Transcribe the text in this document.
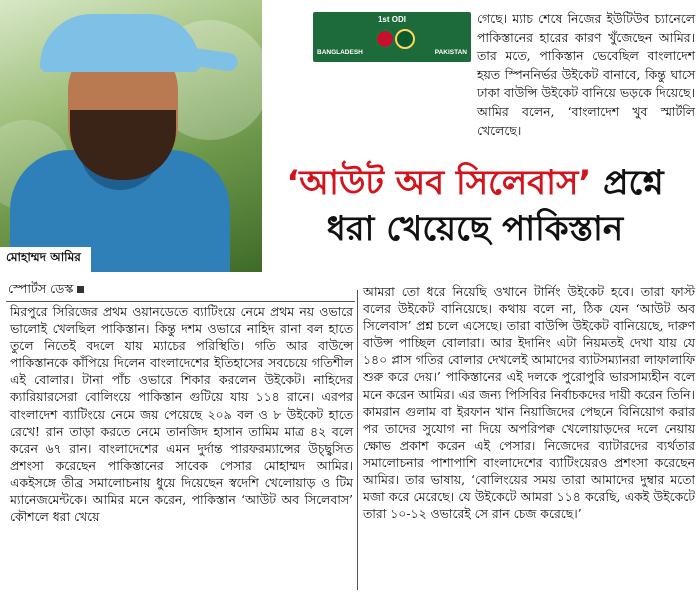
মোহাম্মদ আমির
1st ODI
BANGLADESH	PAKISTAN
গেছে। ম্যাচ শেষে নিজের ইউটিউব চ্যানেলে পাকিস্তানের হারের কারণ খুঁজেছেন আমির। তার মতে, পাকিস্তান ভেবেছিল বাংলাদেশ হয়ত স্পিননির্ভর উইকেট বানাবে, কিন্তু ঘাসে ঢাকা বাউন্সি উইকেট বানিয়ে ভড়কে দিয়েছে। আমির বলেন, ‘বাংলাদেশ খুব স্মার্টলি খেলেছে।
‘আউট অব সিলেবাস’ প্রশ্নে
ধরা খেয়েছে পাকিস্তান
স্পোর্টস ডেস্ক

মিরপুরে সিরিজের প্রথম ওয়ানডেতে ব্যাটিংয়ে নেমে প্রথম নয় ওভারে ভালোই খেলছিল পাকিস্তান। কিন্তু দশম ওভারে নাহিদ রানা বল হাতে তুলে নিতেই বদলে যায় ম্যাচের পরিস্থিতি। গতি আর বাউন্সে পাকিস্তানকে কাঁপিয়ে দিলেন বাংলাদেশের ইতিহাসের সবচেয়ে গতিশীল এই বোলার। টানা পাঁচ ওভারে শিকার করলেন উইকেট। নাহিদের ক্যারিয়ারসেরা বোলিংয়ে পাকিস্তান গুটিয়ে যায় ১১৪ রানে। এরপর বাংলাদেশ ব্যাটিংয়ে নেমে জয় পেয়েছে ২০৯ বল ও ৮ উইকেট হাতে রেখে! রান তাড়া করতে নেমে তানজিদ হাসান তামিম মাত্র ৪২ বলে করেন ৬৭ রান। বাংলাদেশের এমন দুর্দান্ত পারফরম্যান্সের উচ্ছ্বসিত প্রশংসা করেছেন পাকিস্তানের সাবেক পেসার মোহাম্মদ আমির। একইসঙ্গে তীব্র সমালোচনায় ধুয়ে দিয়েছেন স্বদেশি খেলোয়াড় ও টিম ম্যানেজমেন্টকে। আমির মনে করেন, পাকিস্তান ‘আউট অব সিলেবাস’ কৌশলে ধরা খেয়ে

আমরা তো ধরে নিয়েছি ওখানে টার্নিং উইকেট হবে। তারা ফাস্ট বলের উইকেট বানিয়েছে। কথায় বলে না, ঠিক যেন ‘আউট অব সিলেবাস’ প্রশ্ন চলে এসেছে। তারা বাউন্সি উইকেট বানিয়েছে, দারুণ বাউন্স পাচ্ছিল বোলারা। আর ইদানিং এটা নিয়মতই দেখা যায় যে ১৪০ প্লাস গতির বোলার দেখলেই আমাদের ব্যাটসম্যানরা লাফালাফি শুরু করে দেয়।’ পাকিস্তানের এই দলকে পুরোপুরি ভারসাম্যহীন বলে মনে করেন আমির। এর জন্য পিসিবির নির্বাচকদের দায়ী করেন তিনি। কামরান গুলাম বা ইরফান খান নিয়াজিদের পেছনে বিনিয়োগ করার পর তাদের সুযোগ না দিয়ে অপরিপক্ব খেলোয়াড়দের দলে নেয়ায় ক্ষোভ প্রকাশ করেন এই পেসার। নিজেদের ব্যাটারদের ব্যর্থতার সমালোচনার পাশাপাশি বাংলাদেশের ব্যাটিংয়েরও প্রশংসা করেছেন আমির। তার ভাষায়, ‘বোলিংয়ের সময় তারা আমাদের দুম্বার মতো মজা করে মেরেছে। যে উইকেটে আমরা ১১৪ করেছি, একই উইকেটে তারা ১০-১২ ওভারেই সে রান চেজ করেছে।’
